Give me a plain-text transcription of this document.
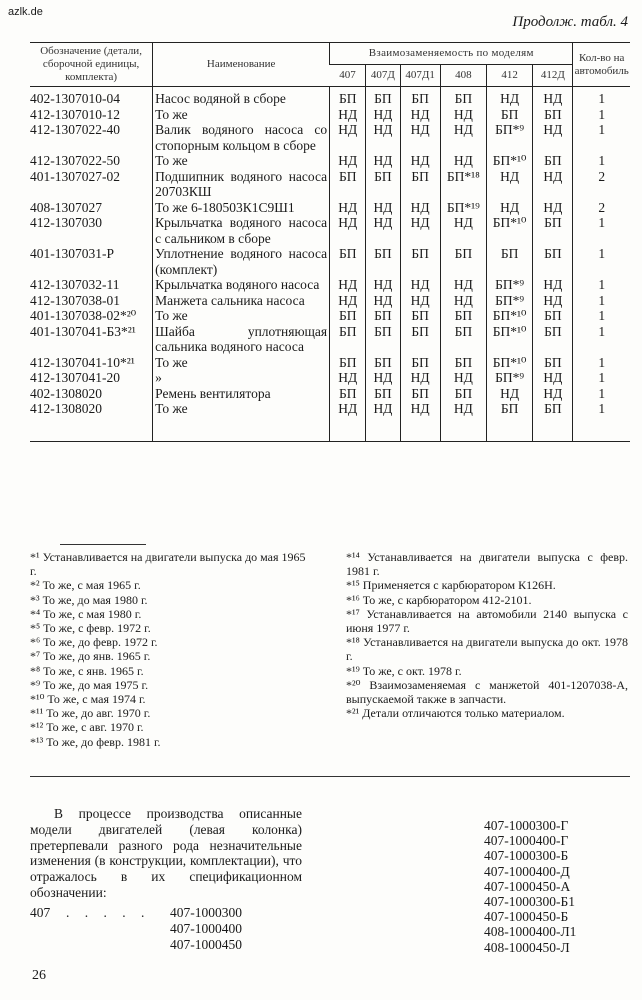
azlk.de
Продолж. табл. 4
Обозначение (детали, сборочной единицы, комплекта)	Наименование	Взаимозаменяемость по моделям						Кол-во на автомобиль
		407	407Д	407Д1	408	412	412Д	
402-1307010-04	Насос водяной в сборе	БП	БП	БП	БП	НД	НД	1
412-1307010-12	То же	НД	НД	НД	НД	БП	БП	1
412-1307022-40	Валик водяного насоса со стопорным кольцом в сборе	НД	НД	НД	НД	БП*⁹	НД	1
412-1307022-50	То же	НД	НД	НД	НД	БП*¹⁰	БП	1
401-1307027-02	Подшипник водяного насоса 20703КШ	БП	БП	БП	БП*¹⁸	НД	НД	2
408-1307027	То же 6-180503К1С9Ш1	НД	НД	НД	БП*¹⁹	НД	НД	2
412-1307030	Крыльчатка водяного насоса с сальником в сборе	НД	НД	НД	НД	БП*¹⁰	БП	1
401-1307031-Р	Уплотнение водяного насоса (комплект)	БП	БП	БП	БП	БП	БП	1
412-1307032-11	Крыльчатка водяного насоса	НД	НД	НД	НД	БП*⁹	НД	1
412-1307038-01	Манжета сальника насоса	НД	НД	НД	НД	БП*⁹	НД	1
401-1307038-02*²⁰	То же	БП	БП	БП	БП	БП*¹⁰	БП	1
401-1307041-Б3*²¹	Шайба уплотняющая сальника водяного насоса	БП	БП	БП	БП	БП*¹⁰	БП	1
412-1307041-10*²¹	То же	БП	БП	БП	БП	БП*¹⁰	БП	1
412-1307041-20	»	НД	НД	НД	НД	БП*⁹	НД	1
402-1308020	Ремень вентилятора	БП	БП	БП	БП	НД	НД	1
412-1308020	То же	НД	НД	НД	НД	БП	БП	1
*¹ Устанавливается на двигатели выпуска до мая 1965 г.
*² То же, с мая 1965 г.
*³ То же, до мая 1980 г.
*⁴ То же, с мая 1980 г.
*⁵ То же, с февр. 1972 г.
*⁶ То же, до февр. 1972 г.
*⁷ То же, до янв. 1965 г.
*⁸ То же, с янв. 1965 г.
*⁹ То же, до мая 1975 г.
*¹⁰ То же, с мая 1974 г.
*¹¹ То же, до авг. 1970 г.
*¹² То же, с авг. 1970 г.
*¹³ То же, до февр. 1981 г.
*¹⁴ Устанавливается на двигатели выпуска с февр. 1981 г.
*¹⁵ Применяется с карбюратором К126Н.
*¹⁶ То же, с карбюратором 412-2101.
*¹⁷ Устанавливается на автомобили 2140 выпуска с июня 1977 г.
*¹⁸ Устанавливается на двигатели выпуска до окт. 1978 г.
*¹⁹ То же, с окт. 1978 г.
*²⁰ Взаимозаменяемая с манжетой 401-1207038-А, выпускаемой также в запчасти.
*²¹ Детали отличаются только материалом.
В процессе производства описанные модели двигателей (левая колонка) претерпевали разного рода незначительные изменения (в конструкции, комплектации), что отражалось в их спецификационном обозначении:
407 . . . . .	407-1000300
407-1000400
407-1000450
407-1000300-Г
407-1000400-Г
407-1000300-Б
407-1000400-Д
407-1000450-А
407-1000300-Б1
407-1000450-Б
408-1000400-Л1
408-1000450-Л
26
